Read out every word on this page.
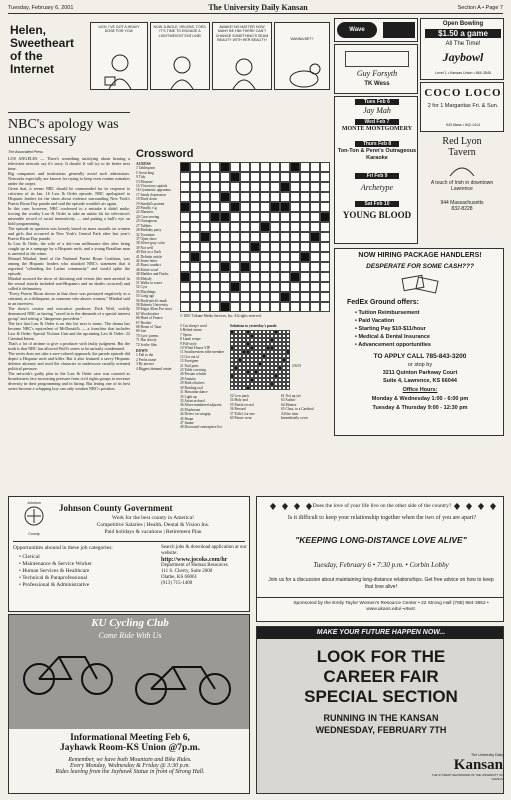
Tuesday, February 6, 2001	The University Daily Kansan	Section A • Page 7
Helen, Sweetheart of the Internet
UGH, I'VE GOT A HEAVY DOSE FOR YOU!
NOW JUNGLE, HELENS, TOES, IT'S TIME TO ENGAGE A LIGHTWEIGHT ENT.LINE!
AWAKE! NO MATTER HOW MANY BE HIM THERE CAN'T CHANGE SOMETHING'S SEAM BEAUTY WITH HER BEAUTY!	WANNA BET?
NBC's apology was unnecessary
The Associated Press

LOS ANGELES — There's something satisfying about hearing a television network say it's sorry. It should. It will try to do better next time.

Big companies and institutions generally avoid such admissions. Networks especially are known for trying to keep even routine mistakes under the carpet.

Given that, it seems NBC should be commended for its response to criticism of its Jan. 16 Law & Order episode. NBC apologized to Hispanic leaders for the show about violence surrounding New York's Puerto Rican Day parade and said the episode wouldn't air again.

In this case, however, NBC confessed to a mistake it didn't make, forcing the worthy Law & Order to take an unfair hit for television's miserable record of racial insensitivity — and putting a bull's eye on bold programming.

The episode in question was loosely based on mass assaults on women and girls that occurred in New York's Central Park after last year's Puerto Rican Day parade.

In Law & Order, the wife of a dot-com millionaire dies after being caught up in a rampage by a Hispanic mob, and a young Brazilian man is arrested in the crime.

Manuel Mirabal, head of the National Puerto Rican Coalition, was among the Hispanic leaders who attacked NBC's statement that it regretted "offending the Latino community" and would spike the episode.

Mirabal accused the show of distorting real events (the men arrested in the sexual attacks included non-Hispanics and no deaths occurred) and called it defamatory.

"Every Puerto Rican shown in that show was portrayed negatively as a criminal, as a delinquent, as someone who abuses women," Mirabal said in an interview.

The show's creator and executive producer, Dick Wolf, swiftly denounced NBC as having "caved in to the demands of a special interest group" and setting a "dangerous precedent."

The fact that Law & Order is on this list next is ironic. The drama has become NBC's equivalent of McDonald's — a franchise that includes Law & Order: Special Victims Unit and the upcoming Law & Order: 22 Criminal Intent.

That's a lot of airtime to give a producer with faulty judgment. But the truth is that NBC has allowed Wolf's series to be unfairly condemned.

The series does not take a race-colored approach; the parade episode did depict a Hispanic mob and killer. But it also featured a savvy Hispanic defense attorney and used the character to underscore racially oriented political pressure.

The network's guilty plea in the Law & Order case was counted as broadcasters face increasing pressure from civil rights groups to increase diversity in their programming and in hiring. But letting one of its best series become a whipping boy can only weaken NBC's position.

Crossword
ACROSS
1 Tablespoon
5 Great king
9 Tidy
13 Pleasure
14 Victorious capitals
16 Gymnastic apparatus
17 Sandy depression
18 Duck down
19 Sundial's pointer
20 Finally, e.g.
22 Mariners
24 Corn serving
25 Outrageous
27 Tabbies
28 Birthday party
32 Tyrannize
37 Open show
38 Silver-gray color
39 Not well
40 Fast as a flash
41 Definite article
42 Sense letter
45 Boast conduct
46 Kitten vocal
48 Marbles and Ducks
50 Melody
51 Walks in water
52 Cyst
53 Playthings
55 Long ago
56 Book-pitch's mark
58 Roberto University
59 Edgar Allan Poe story
62 Woodworker
66 Head of France
67 Brother
68 Home of Tatar
69 Just
70 Lyric poems
71 Has slowly
72 Scribe film
DOWN
1 Fall to the
2 Prefix name
3 By answer
4 Biggest demand center
© 2001 Tribune Media Services, Inc. All rights reserved.
5 Cut sheep's wool
6 Bolted steam
7 Opera
8 Lamb recipe
9 Poll-style
10 White House VIP
11 Southwestern tribe member
12 Got out of
15 Foreigner
21 Nail parts
23 Table covering
26 Persian scholar
28 Annuity
29 Both relatives
30 Reading tool
31 Hawaiian dance
33 Light up
35 Asian orchard
36 Silver-numbered adjacent
43 Mushroom
44 Defect on wingtip
45 Shape
47 Insane
49 Decorated centerpiece list
Solutions to yesterday's puzzle
2/6/01
52 Low parts
54 Holy and
55 Finish record
56 Reward
57 Eiffel, for one
60 Future wear
61 Not up yet
63 Author
64 Montez
65 Class, to a Cardinal
All the time
Immediately cover
Wave
Guy Forsyth
TK Wess
Tues Feb 6
Jay Mah
Wed Feb 7
MONTE MONTGOMERY
Thurs Feb 8
Ton-Ton & Penn's Outrageous Karaoke
Fri Feb 9
Archetype
Sat Feb 10
YOUNG BLOOD
Open Bowling
$1.50 a game
All The Time!
Jaybowl
Level 1 • Kansas Union • 864-3545
COCO LOCO
2 for 1 Margaritas Fri. & Sun.
943 Mass • 842-1414
Red Lyon
Tavern
A touch of Irish in downtown Lawrence
944 Massachusetts
832-8228
NOW HIRING PACKAGE HANDLERS!
DESPERATE FOR SOME CASH???
FedEx Ground offers:
• Tuition Reimbursement
• Paid Vacation
• Starting Pay $10-$11/hour
• Medical & Dental Insurance
• Advancement opportunities
TO APPLY CALL 785-843-3200
or stop by
3211 Quinton Parkway Court
Suite 4, Lawrence, KS 66044
Office Hours:
Monday & Wednesday 1:00 - 6:00 pm
Tuesday & Thursday 9:00 - 12:30 pm
Johnson
County
Johnson County Government
Work for the best county in America!
Competitive Salaries | Health, Dental & Vision Ins.
Paid holidays & vacations | Retirement Plan
Opportunities abound in these job categories:
• Clerical
• Maintenance & Service Worker
• Human Services & Healthcare
• Technical & Paraprofessional
• Professional & Administrative
Search jobs & download application at our website:
http://www.jocoks.com/hr
Department of Human Resources
111 S. Cherry, Suite 2600
Olathe, KS 66061
(913) 715-1400
KU Cycling Club
Come Ride With Us
Informational Meeting Feb 6,
Jayhawk Room-KS Union @7p.m.
Remember, we have both Mountain and Bike Rides.
Every Monday, Wednesday & Friday @ 3:30 p.m.
Rides leaving from the Jayhawk Statue in front of Strong Hall.
Does the love of your life live on the other side of the country?
Is it difficult to keep your relationship together when the two of you are apart?
"KEEPING LONG-DISTANCE LOVE ALIVE"
Tuesday, February 6 • 7:30 p.m. • Corbin Lobby
Join us for a discussion about maintaining long-distance relationships. Get free advice on how to keep that love alive!
Sponsored by the Emily Taylor Women's Resource Center • 22 Strong Hall (785) 864-3552 • www.ukans.edu/~etwrc
MAKE YOUR FUTURE HAPPEN NOW...
LOOK FOR THE
CAREER FAIR
SPECIAL SECTION
RUNNING IN THE KANSAN
WEDNESDAY, FEBRUARY 7TH
The University Daily
Kansan
THE STUDENT NEWSPAPER OF THE UNIVERSITY OF KANSAS
